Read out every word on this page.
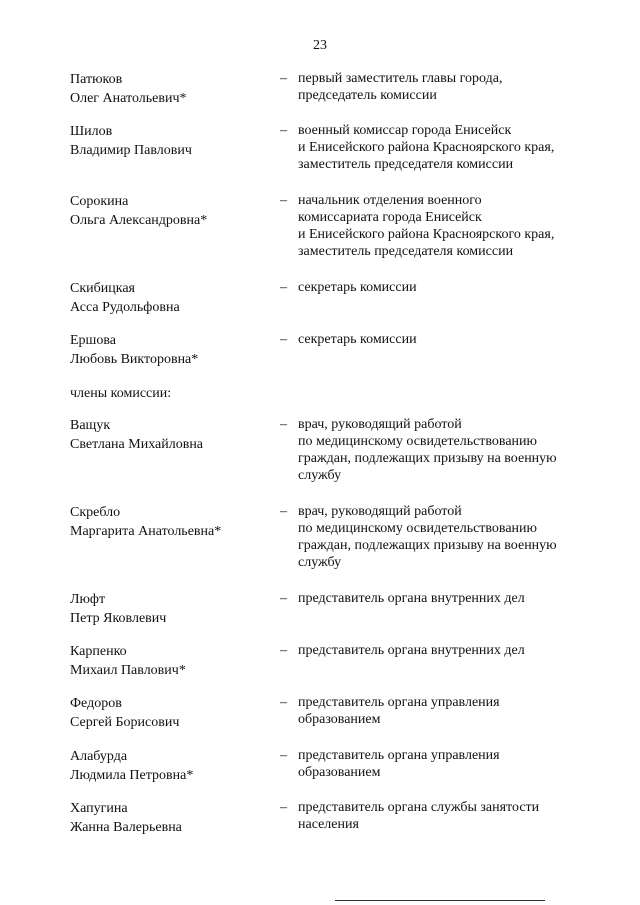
23
Патюков
Олег Анатольевич*
– первый заместитель главы города,
председатель комиссии
Шилов
Владимир Павлович
– военный комиссар города Енисейск
и Енисейского района Красноярского края,
заместитель председателя комиссии
Сорокина
Ольга Александровна*
– начальник отделения военного
комиссариата города Енисейск
и Енисейского района Красноярского края,
заместитель председателя комиссии
Скибицкая
Асса Рудольфовна
– секретарь комиссии
Ершова
Любовь Викторовна*
– секретарь комиссии
члены комиссии:
Ващук
Светлана Михайловна
– врач, руководящий работой
по медицинскому освидетельствованию
граждан, подлежащих призыву на военную
службу
Скребло
Маргарита Анатольевна*
– врач, руководящий работой
по медицинскому освидетельствованию
граждан, подлежащих призыву на военную
службу
Люфт
Петр Яковлевич
– представитель органа внутренних дел
Карпенко
Михаил Павлович*
– представитель органа внутренних дел
Федоров
Сергей Борисович
– представитель органа управления
образованием
Алабурда
Людмила Петровна*
– представитель органа управления
образованием
Хапугина
Жанна Валерьевна
– представитель органа службы занятости
населения
